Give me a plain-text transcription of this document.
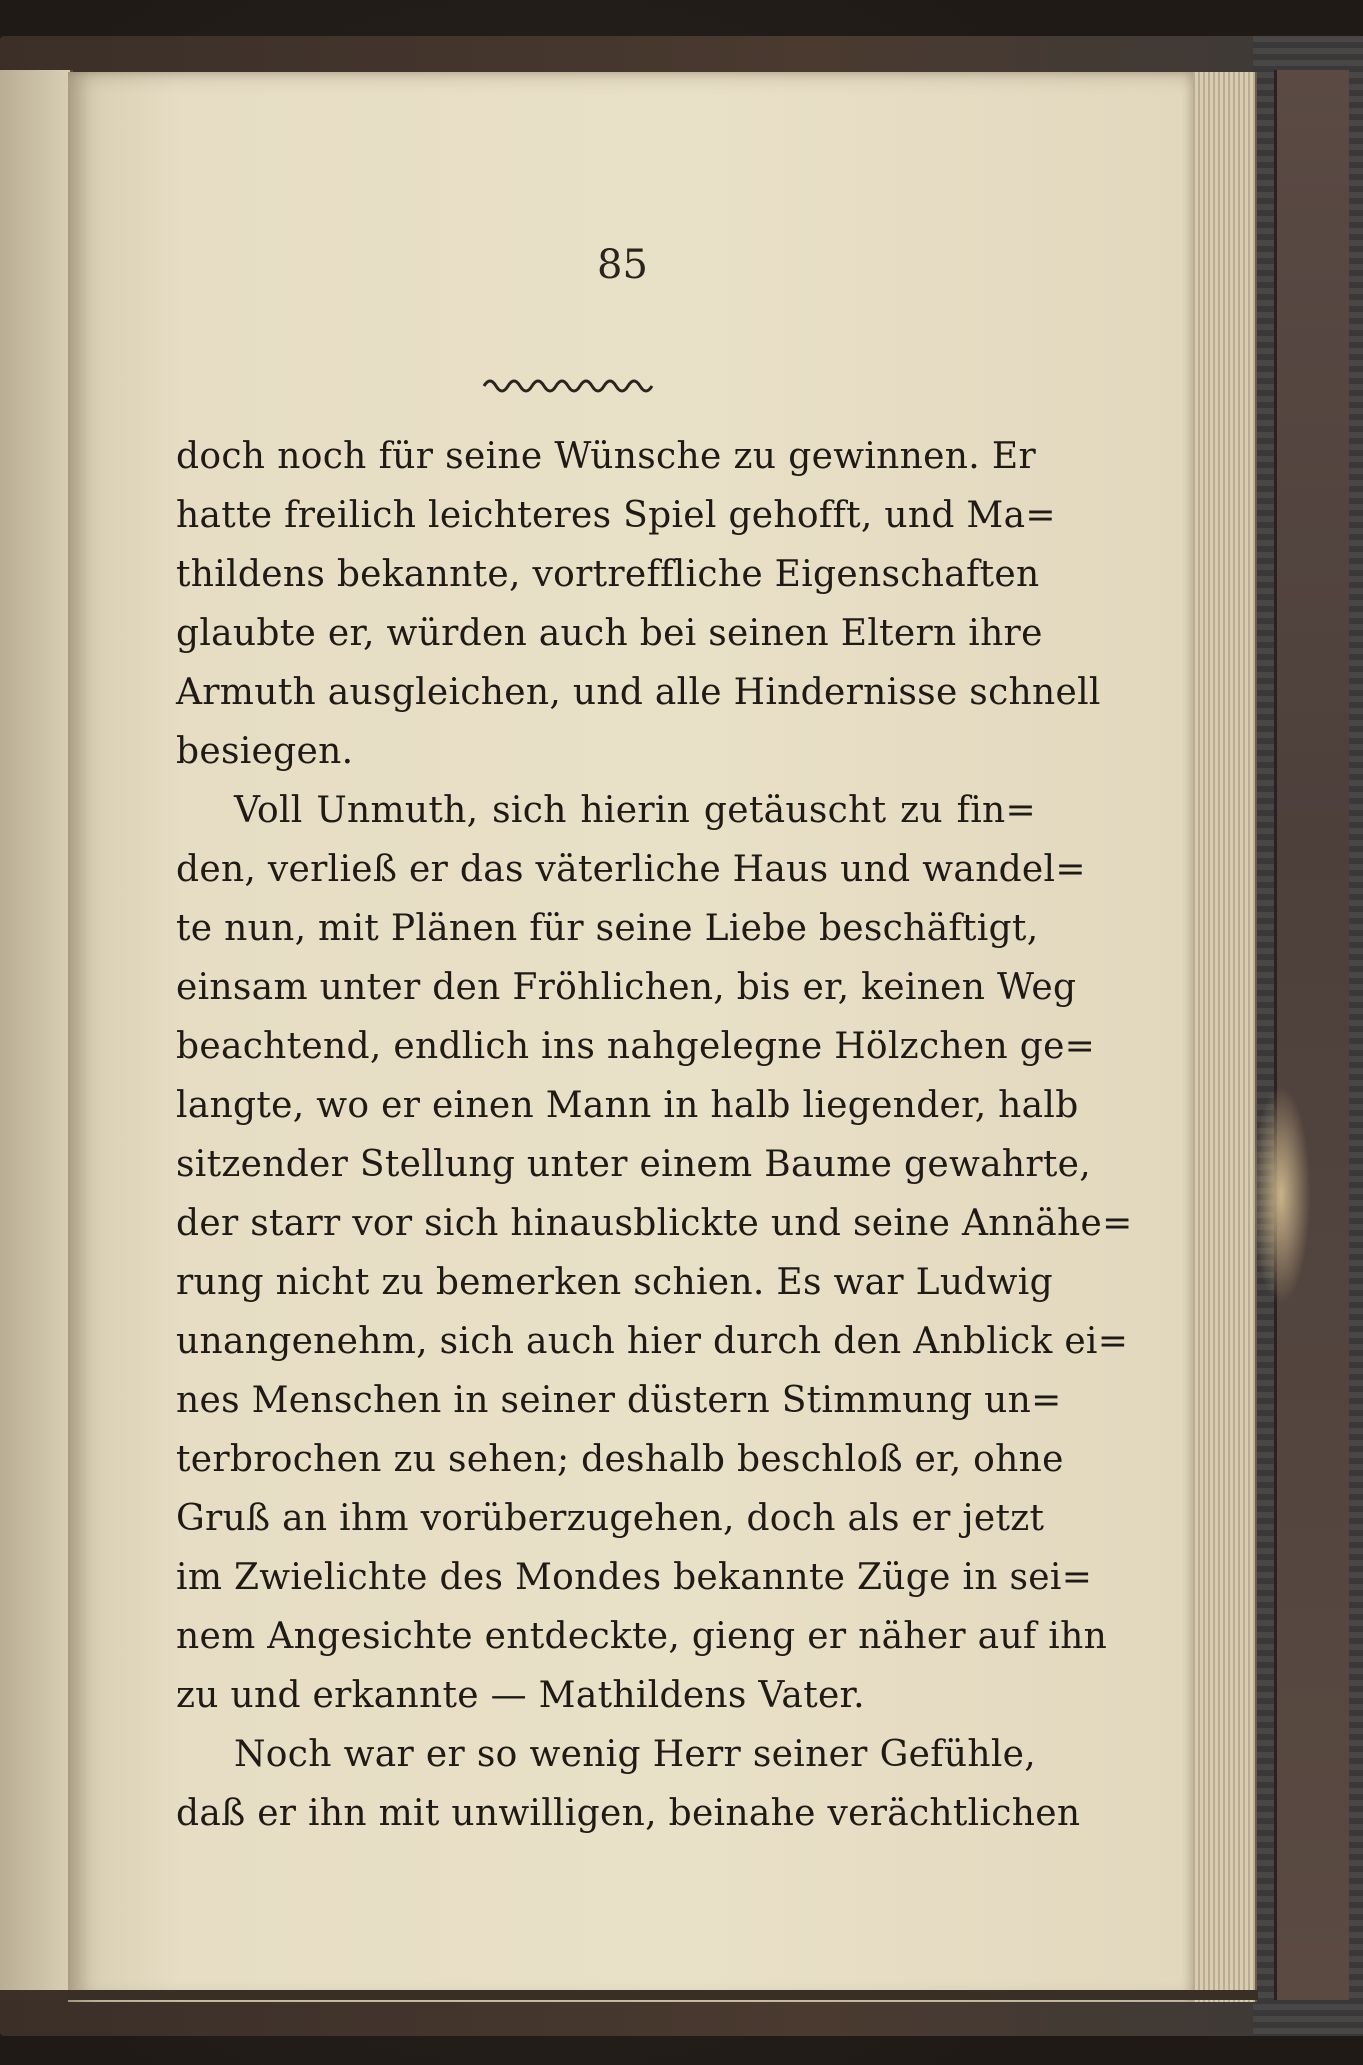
85
doch noch für seine Wünsche zu gewinnen. Er
hatte freilich leichteres Spiel gehofft, und Ma=
thildens bekannte, vortreffliche Eigenschaften
glaubte er, würden auch bei seinen Eltern ihre
Armuth ausgleichen, und alle Hindernisse schnell
besiegen.
Voll Unmuth, sich hierin getäuscht zu fin=
den, verließ er das väterliche Haus und wandel=
te nun, mit Plänen für seine Liebe beschäftigt,
einsam unter den Fröhlichen, bis er, keinen Weg
beachtend, endlich ins nahgelegne Hölzchen ge=
langte, wo er einen Mann in halb liegender, halb
sitzender Stellung unter einem Baume gewahrte,
der starr vor sich hinausblickte und seine Annähe=
rung nicht zu bemerken schien. Es war Ludwig
unangenehm, sich auch hier durch den Anblick ei=
nes Menschen in seiner düstern Stimmung un=
terbrochen zu sehen; deshalb beschloß er, ohne
Gruß an ihm vorüberzugehen, doch als er jetzt
im Zwielichte des Mondes bekannte Züge in sei=
nem Angesichte entdeckte, gieng er näher auf ihn
zu und erkannte — Mathildens Vater.
Noch war er so wenig Herr seiner Gefühle,
daß er ihn mit unwilligen, beinahe verächtlichen
